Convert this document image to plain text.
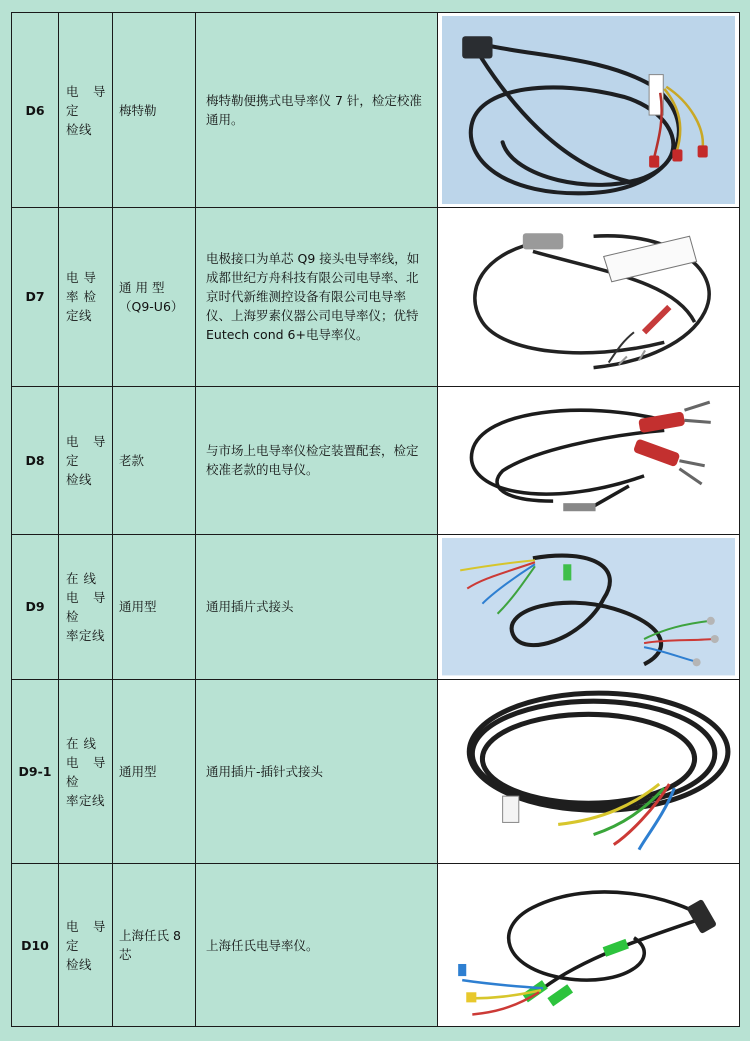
D6	电 导 定
检线	梅特勒	梅特勒便携式电导率仪 7 针，检定校准通用。	

D7	电 导
率 检
定线	通 用 型（Q9-U6）	电极接口为单芯 Q9 接头电导率线，如成都世纪方舟科技有限公司电导率、北京时代新维测控设备有限公司电导率仪、上海罗素仪器公司电导率仪；优特 Eutech cond 6+电导率仪。	

D8	电 导 定
检线	老款	与市场上电导率仪检定装置配套，检定校准老款的电导仪。	

D9	在 线
电 导 检
率定线	通用型	通用插片式接头	

D9-1	在 线
电 导 检
率定线	通用型	通用插片-插针式接头	

D10	电 导 定
检线	上海任氏 8 芯	上海任氏电导率仪。	
